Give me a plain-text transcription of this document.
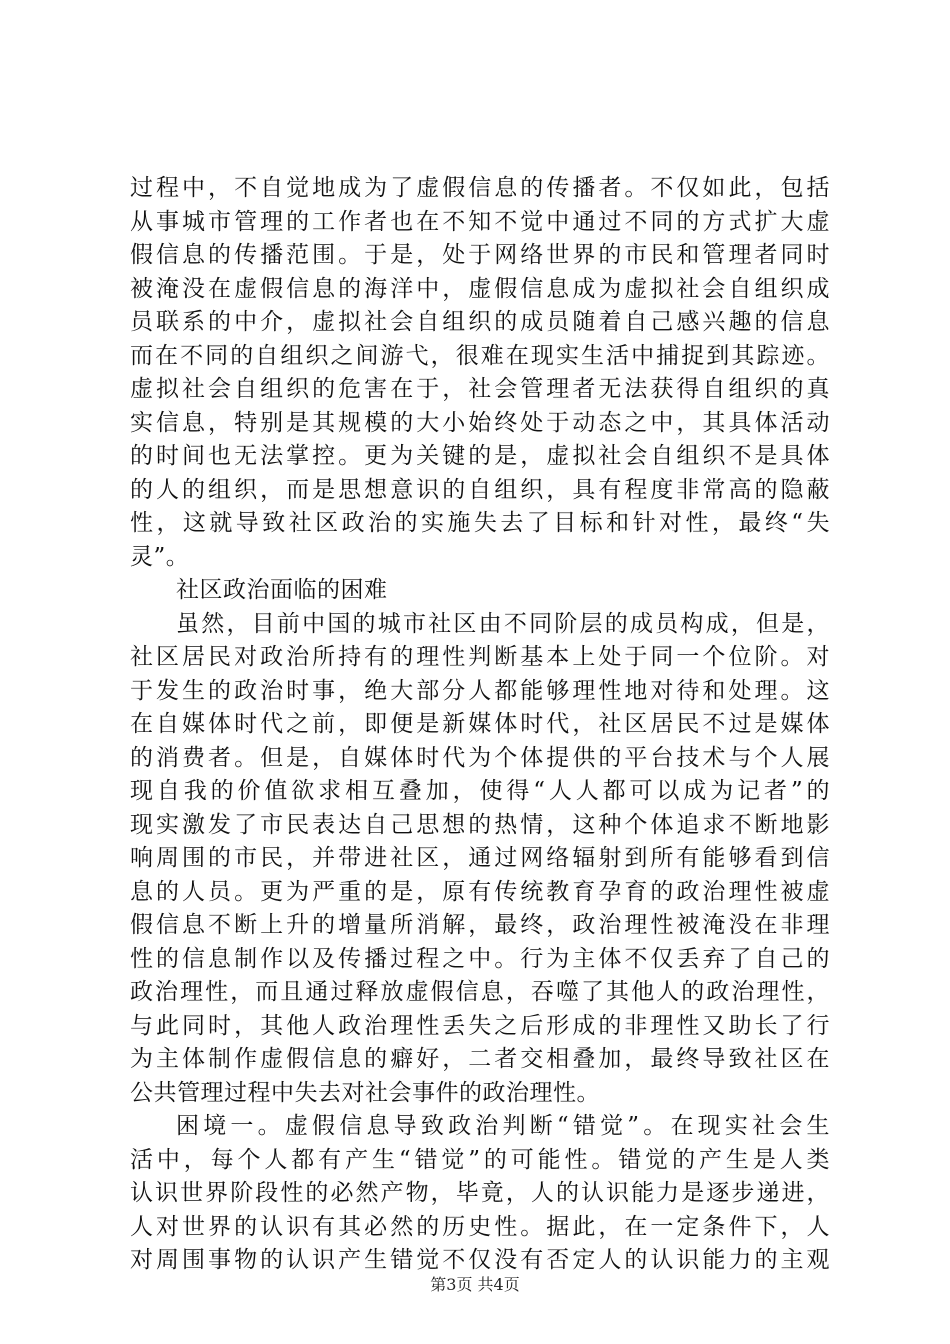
过程中，不自觉地成为了虚假信息的传播者。不仅如此，包括
从事城市管理的工作者也在不知不觉中通过不同的方式扩大虚
假信息的传播范围。于是，处于网络世界的市民和管理者同时
被淹没在虚假信息的海洋中，虚假信息成为虚拟社会自组织成
员联系的中介，虚拟社会自组织的成员随着自己感兴趣的信息
而在不同的自组织之间游弋，很难在现实生活中捕捉到其踪迹。
虚拟社会自组织的危害在于，社会管理者无法获得自组织的真
实信息，特别是其规模的大小始终处于动态之中，其具体活动
的时间也无法掌控。更为关键的是，虚拟社会自组织不是具体
的人的组织，而是思想意识的自组织，具有程度非常高的隐蔽
性，这就导致社区政治的实施失去了目标和针对性，最终“失
灵”。
社区政治面临的困难
虽然，目前中国的城市社区由不同阶层的成员构成，但是，
社区居民对政治所持有的理性判断基本上处于同一个位阶。对
于发生的政治时事，绝大部分人都能够理性地对待和处理。这
在自媒体时代之前，即便是新媒体时代，社区居民不过是媒体
的消费者。但是，自媒体时代为个体提供的平台技术与个人展
现自我的价值欲求相互叠加，使得“人人都可以成为记者”的
现实激发了市民表达自己思想的热情，这种个体追求不断地影
响周围的市民，并带进社区，通过网络辐射到所有能够看到信
息的人员。更为严重的是，原有传统教育孕育的政治理性被虚
假信息不断上升的增量所消解，最终，政治理性被淹没在非理
性的信息制作以及传播过程之中。行为主体不仅丢弃了自己的
政治理性，而且通过释放虚假信息，吞噬了其他人的政治理性，
与此同时，其他人政治理性丢失之后形成的非理性又助长了行
为主体制作虚假信息的癖好，二者交相叠加，最终导致社区在
公共管理过程中失去对社会事件的政治理性。
困境一。虚假信息导致政治判断“错觉”。在现实社会生
活中，每个人都有产生“错觉”的可能性。错觉的产生是人类
认识世界阶段性的必然产物，毕竟，人的认识能力是逐步递进，
人对世界的认识有其必然的历史性。据此，在一定条件下，人
对周围事物的认识产生错觉不仅没有否定人的认识能力的主观
第3页 共4页
